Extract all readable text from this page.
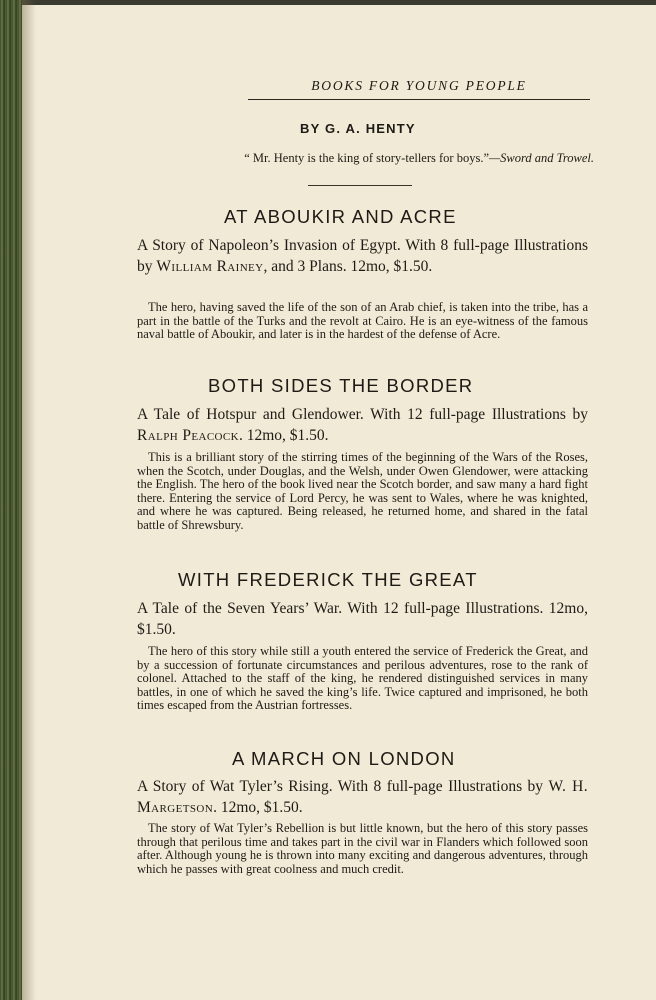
BOOKS FOR YOUNG PEOPLE
BY G. A. HENTY
“ Mr. Henty is the king of story-tellers for boys.”—Sword and Trowel.
AT ABOUKIR AND ACRE
A Story of Napoleon’s Invasion of Egypt. With 8 full-page Illustrations by William Rainey, and 3 Plans. 12mo, $1.50.
The hero, having saved the life of the son of an Arab chief, is taken into the tribe, has a part in the battle of the Turks and the revolt at Cairo. He is an eye-witness of the famous naval battle of Aboukir, and later is in the hardest of the defense of Acre.
BOTH SIDES THE BORDER
A Tale of Hotspur and Glendower. With 12 full-page Illustrations by Ralph Peacock. 12mo, $1.50.
This is a brilliant story of the stirring times of the beginning of the Wars of the Roses, when the Scotch, under Douglas, and the Welsh, under Owen Glendower, were attacking the English. The hero of the book lived near the Scotch border, and saw many a hard fight there. Entering the service of Lord Percy, he was sent to Wales, where he was knighted, and where he was captured. Being released, he returned home, and shared in the fatal battle of Shrewsbury.
WITH FREDERICK THE GREAT
A Tale of the Seven Years’ War. With 12 full-page Illustrations. 12mo, $1.50.
The hero of this story while still a youth entered the service of Frederick the Great, and by a succession of fortunate circumstances and perilous adventures, rose to the rank of colonel. Attached to the staff of the king, he rendered distinguished services in many battles, in one of which he saved the king’s life. Twice captured and imprisoned, he both times escaped from the Austrian fortresses.
A MARCH ON LONDON
A Story of Wat Tyler’s Rising. With 8 full-page Illustrations by W. H. Margetson. 12mo, $1.50.
The story of Wat Tyler’s Rebellion is but little known, but the hero of this story passes through that perilous time and takes part in the civil war in Flanders which followed soon after. Although young he is thrown into many exciting and dangerous adventures, through which he passes with great coolness and much credit.
